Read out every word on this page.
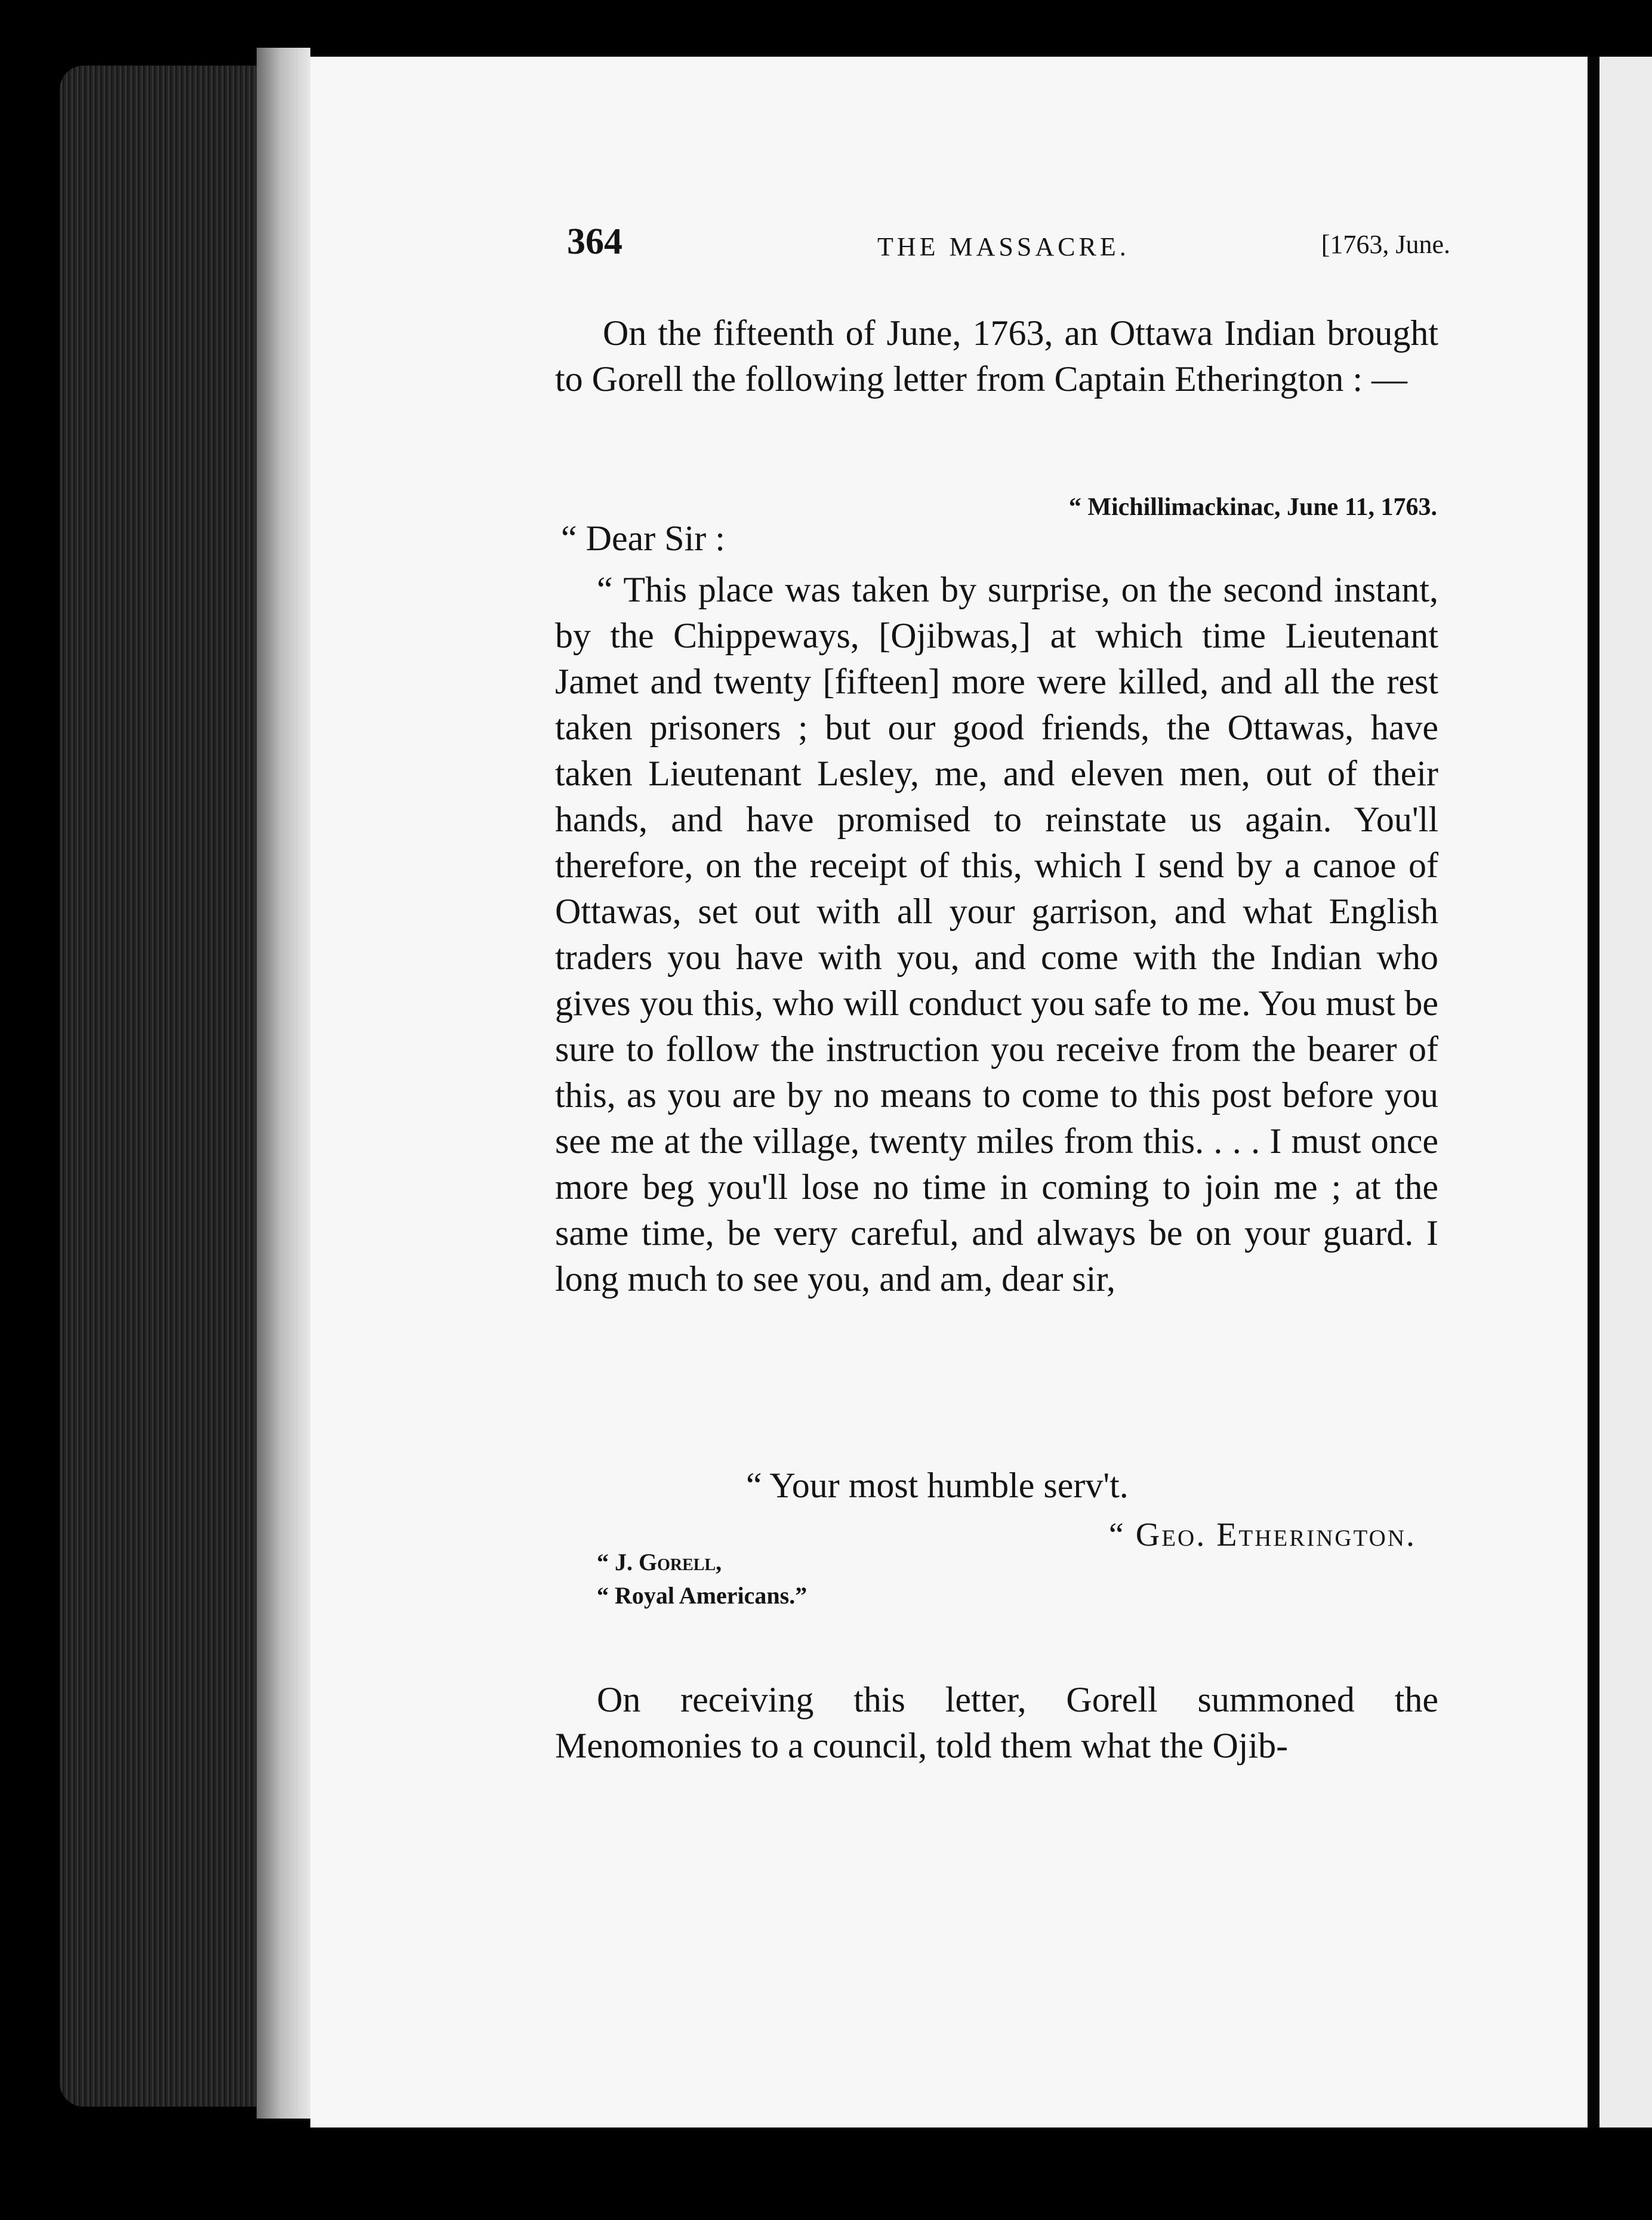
364	THE MASSACRE.	[1763, June.
On the fifteenth of June, 1763, an Ottawa Indian brought to Gorell the following letter from Captain Etherington : —
“ Michillimackinac, June 11, 1763.
“ Dear Sir :
“ This place was taken by surprise, on the second instant, by the Chippeways, [Ojibwas,] at which time Lieutenant Jamet and twenty [fifteen] more were killed, and all the rest taken prisoners ; but our good friends, the Ottawas, have taken Lieutenant Lesley, me, and eleven men, out of their hands, and have promised to reinstate us again. You'll therefore, on the receipt of this, which I send by a canoe of Ottawas, set out with all your garrison, and what English traders you have with you, and come with the Indian who gives you this, who will conduct you safe to me. You must be sure to follow the instruction you receive from the bearer of this, as you are by no means to come to this post before you see me at the village, twenty miles from this. . . . I must once more beg you'll lose no time in coming to join me ; at the same time, be very careful, and always be on your guard. I long much to see you, and am, dear sir,
“ Your most humble serv't.
“ Geo. Etherington.
“ J. Gorell,
“ Royal Americans.”
On receiving this letter, Gorell summoned the Menomonies to a council, told them what the Ojib-
